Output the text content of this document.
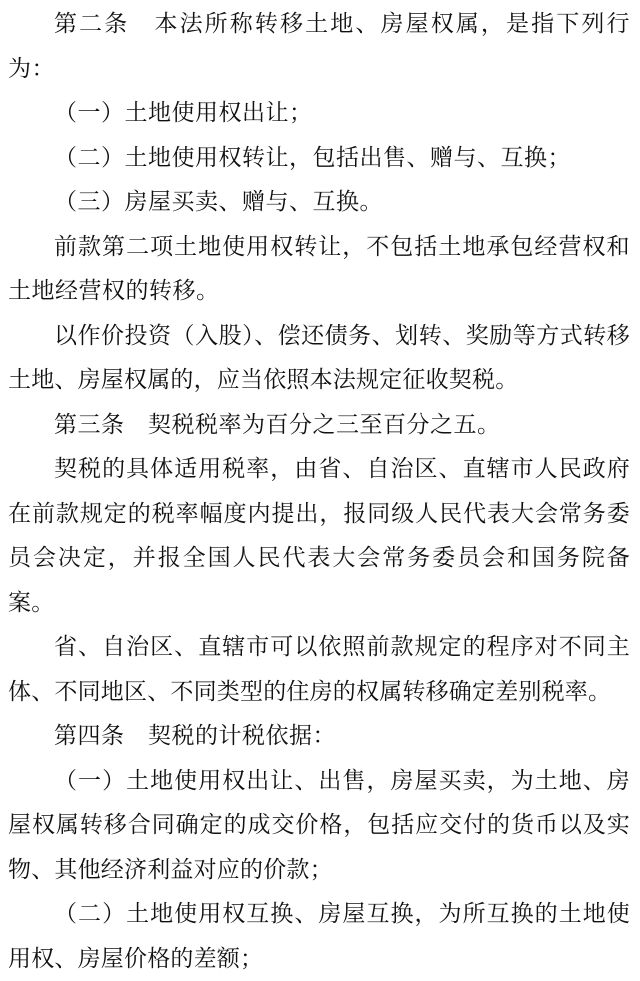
第二条　本法所称转移土地、房屋权属，是指下列行为：

（一）土地使用权出让；

（二）土地使用权转让，包括出售、赠与、互换；

（三）房屋买卖、赠与、互换。

前款第二项土地使用权转让，不包括土地承包经营权和土地经营权的转移。

以作价投资（入股）、偿还债务、划转、奖励等方式转移土地、房屋权属的，应当依照本法规定征收契税。

第三条　契税税率为百分之三至百分之五。

契税的具体适用税率，由省、自治区、直辖市人民政府在前款规定的税率幅度内提出，报同级人民代表大会常务委员会决定，并报全国人民代表大会常务委员会和国务院备案。

省、自治区、直辖市可以依照前款规定的程序对不同主体、不同地区、不同类型的住房的权属转移确定差别税率。

第四条　契税的计税依据：

（一）土地使用权出让、出售，房屋买卖，为土地、房屋权属转移合同确定的成交价格，包括应交付的货币以及实物、其他经济利益对应的价款；

（二）土地使用权互换、房屋互换，为所互换的土地使用权、房屋价格的差额；
